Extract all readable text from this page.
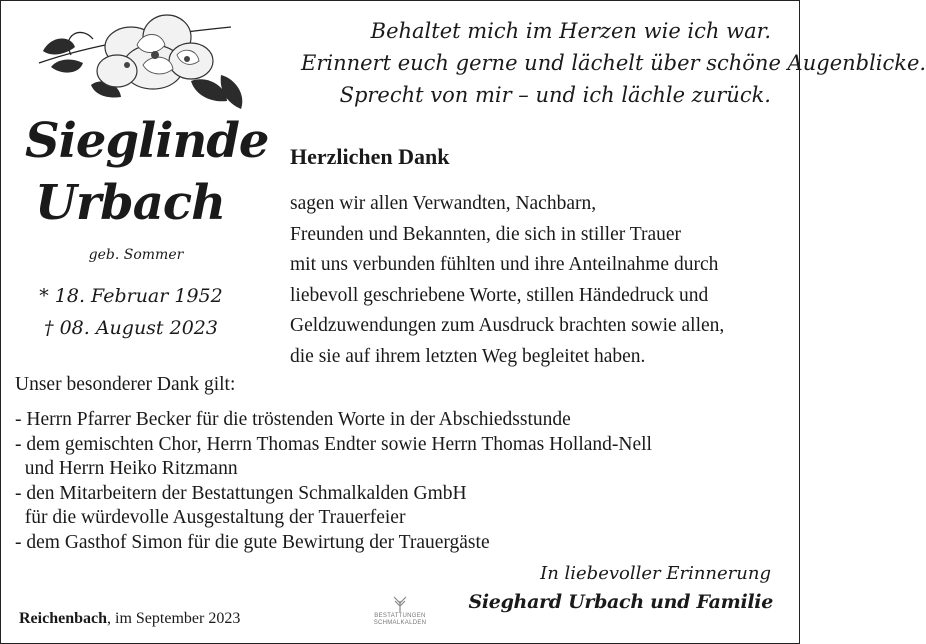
Behaltet mich im Herzen wie ich war.
Erinnert euch gerne und lächelt über schöne Augenblicke.
Sprecht von mir – und ich lächle zurück.
Sieglinde
Urbach
geb. Sommer
* 18. Februar 1952
† 08. August 2023
Herzlichen Dank
sagen wir allen Verwandten, Nachbarn,
Freunden und Bekannten, die sich in stiller Trauer
mit uns verbunden fühlten und ihre Anteilnahme durch
liebevoll geschriebene Worte, stillen Händedruck und
Geldzuwendungen zum Ausdruck brachten sowie allen,
die sie auf ihrem letzten Weg begleitet haben.
Unser besonderer Dank gilt:
- Herrn Pfarrer Becker für die tröstenden Worte in der Abschiedsstunde
- dem gemischten Chor, Herrn Thomas Endter sowie Herrn Thomas Holland-Nell
und Herrn Heiko Ritzmann
- den Mitarbeitern der Bestattungen Schmalkalden GmbH
für die würdevolle Ausgestaltung der Trauerfeier
- dem Gasthof Simon für die gute Bewirtung der Trauergäste
In liebevoller Erinnerung
Sieghard Urbach und Familie
Reichenbach, im September 2023	BESTATTUNGEN
SCHMALKALDEN
